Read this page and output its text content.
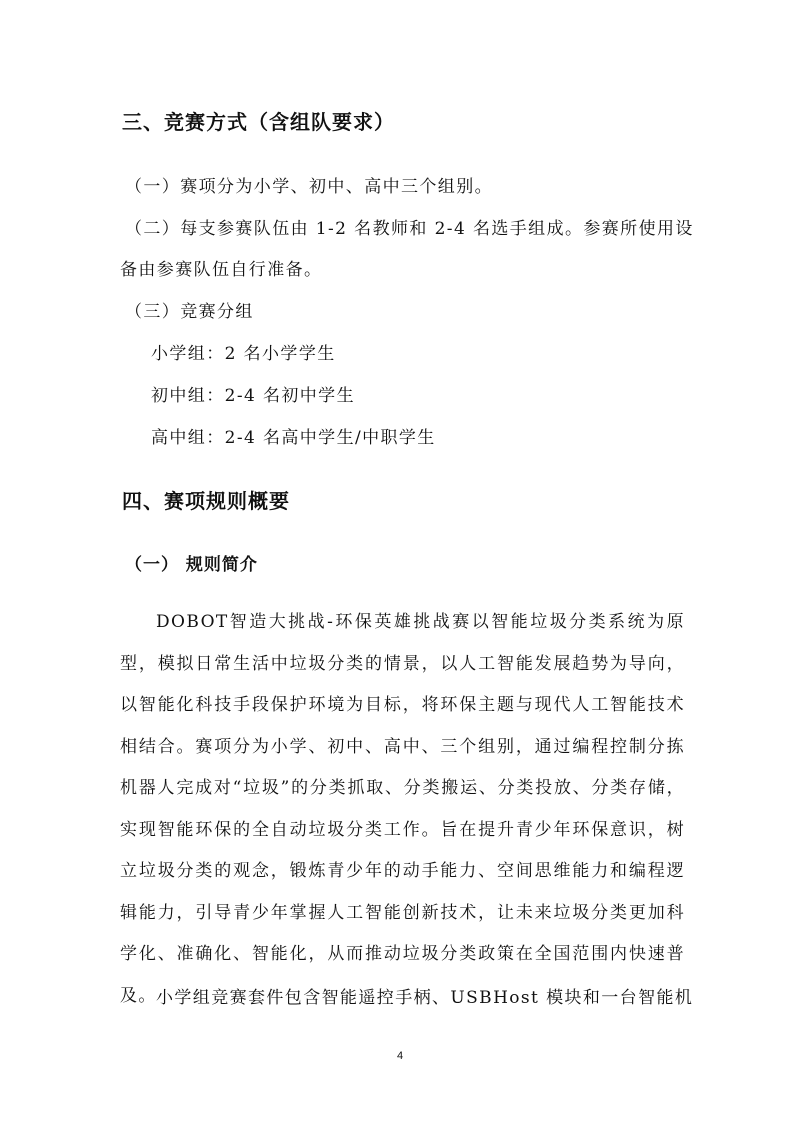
三、竞赛方式（含组队要求）

（一）赛项分为小学、初中、高中三个组别。

（二）每支参赛队伍由 1-2 名教师和 2-4 名选手组成。参赛所使用设

备由参赛队伍自行准备。

（三）竞赛分组

小学组：2 名小学学生

初中组：2-4 名初中学生

高中组：2-4 名高中学生/中职学生

四、赛项规则概要
（一） 规则简介

DOBOT智造大挑战-环保英雄挑战赛以智能垃圾分类系统为原型，模拟日常生活中垃圾分类的情景，以人工智能发展趋势为导向，以智能化科技手段保护环境为目标，将环保主题与现代人工智能技术相结合。赛项分为小学、初中、高中、三个组别，通过编程控制分拣机器人完成对“垃圾”的分类抓取、分类搬运、分类投放、分类存储，实现智能环保的全自动垃圾分类工作。旨在提升青少年环保意识，树立垃圾分类的观念，锻炼青少年的动手能力、空间思维能力和编程逻辑能力，引导青少年掌握人工智能创新技术，让未来垃圾分类更加科学化、准确化、智能化，从而推动垃圾分类政策在全国范围内快速普及。 小学组竞赛套件包含智能遥控手柄、USBHost 模块和一台智能机

4
